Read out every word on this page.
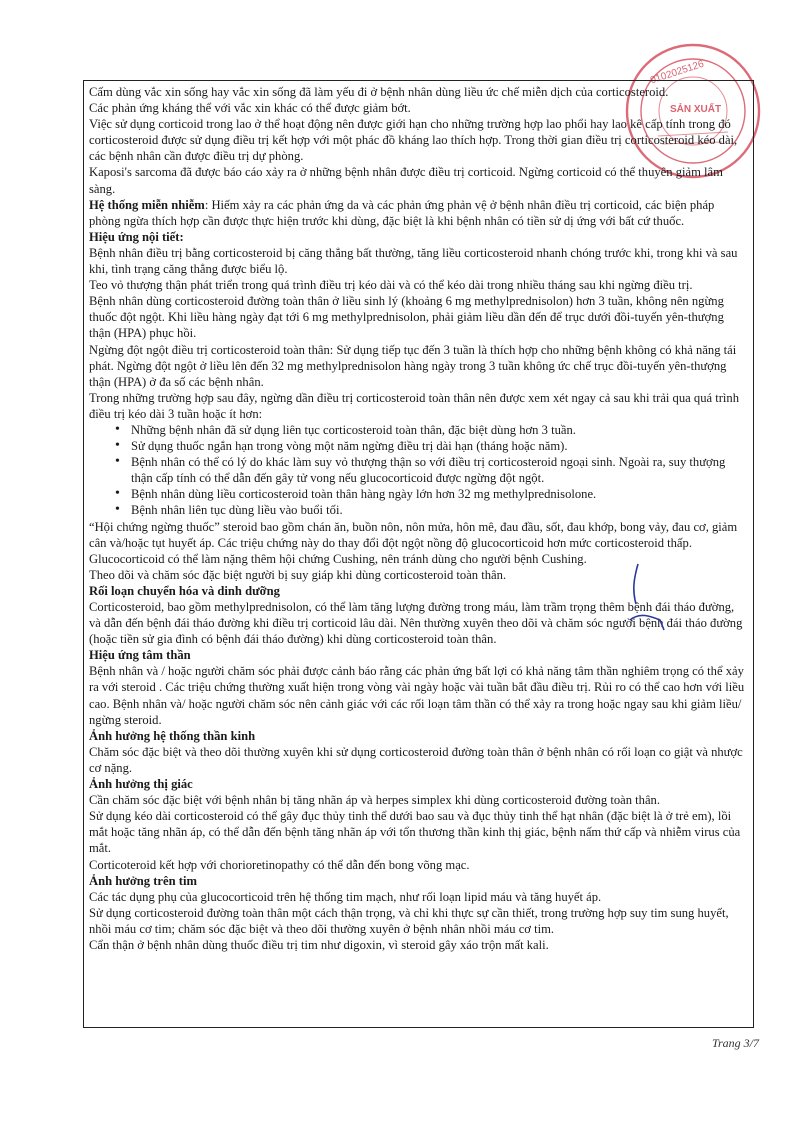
0102025126
SẢN XUẤT

Cấm dùng vắc xin sống hay vắc xin sống đã làm yếu đi ở bệnh nhân dùng liều ức chế miễn dịch của corticosteroid.

Các phản ứng kháng thể với vắc xin khác có thể được giảm bớt.

Việc sử dụng corticoid trong lao ở thể hoạt động nên được giới hạn cho những trường hợp lao phổi hay lao kê cấp tính trong đó corticosteroid được sử dụng điều trị kết hợp với một phác đồ kháng lao thích hợp. Trong thời gian điều trị corticosteroid kéo dài, các bệnh nhân cần được điều trị dự phòng.

Kaposi's sarcoma đã được báo cáo xảy ra ở những bệnh nhân được điều trị corticoid. Ngừng corticoid có thể thuyên giảm lâm sàng.

Hệ thống miễn nhiễm: Hiếm xảy ra các phản ứng da và các phản ứng phản vệ ở bệnh nhân điều trị corticoid, các biện pháp phòng ngừa thích hợp cần được thực hiện trước khi dùng, đặc biệt là khi bệnh nhân có tiền sử dị ứng với bất cứ thuốc.

Hiệu ứng nội tiết:

Bệnh nhân điều trị bằng corticosteroid bị căng thẳng bất thường, tăng liều corticosteroid nhanh chóng trước khi, trong khi và sau khi, tình trạng căng thẳng được biểu lộ.

Teo vỏ thượng thận phát triển trong quá trình điều trị kéo dài và có thể kéo dài trong nhiều tháng sau khi ngừng điều trị.

Bệnh nhân dùng corticosteroid đường toàn thân ở liều sinh lý (khoảng 6 mg methylprednisolon) hơn 3 tuần, không nên ngừng thuốc đột ngột. Khi liều hàng ngày đạt tới 6 mg methylprednisolon, phải giảm liều dần đến để trục dưới đồi-tuyến yên-thượng thận (HPA) phục hồi.

Ngừng đột ngột điều trị corticosteroid toàn thân: Sử dụng tiếp tục đến 3 tuần là thích hợp cho những bệnh không có khả năng tái phát. Ngừng đột ngột ở liều lên đến 32 mg methylprednisolon hàng ngày trong 3 tuần không ức chế trục đồi-tuyến yên-thượng thận (HPA) ở đa số các bệnh nhân.

Trong những trường hợp sau đây, ngừng dần điều trị corticosteroid toàn thân nên được xem xét ngay cả sau khi trải qua quá trình điều trị kéo dài 3 tuần hoặc ít hơn:

• Những bệnh nhân đã sử dụng liên tục corticosteroid toàn thân, đặc biệt dùng hơn 3 tuần.
• Sử dụng thuốc ngắn hạn trong vòng một năm ngừng điều trị dài hạn (tháng hoặc năm).
• Bệnh nhân có thể có lý do khác làm suy vỏ thượng thận so với điều trị corticosteroid ngoại sinh. Ngoài ra, suy thượng thận cấp tính có thể dẫn đến gây tử vong nếu glucocorticoid được ngừng đột ngột.
• Bệnh nhân dùng liều corticosteroid toàn thân hàng ngày lớn hơn 32 mg methylprednisolone.
• Bệnh nhân liên tục dùng liều vào buổi tối.

“Hội chứng ngừng thuốc” steroid bao gồm chán ăn, buồn nôn, nôn mửa, hôn mê, đau đầu, sốt, đau khớp, bong vảy, đau cơ, giảm cân và/hoặc tụt huyết áp. Các triệu chứng này do thay đổi đột ngột nồng độ glucocorticoid hơn mức corticosteroid thấp.

Glucocorticoid có thể làm nặng thêm hội chứng Cushing, nên tránh dùng cho người bệnh Cushing.

Theo dõi và chăm sóc đặc biệt người bị suy giáp khi dùng corticosteroid toàn thân.

Rối loạn chuyển hóa và dinh dưỡng

Corticosteroid, bao gồm methylprednisolon, có thể làm tăng lượng đường trong máu, làm trầm trọng thêm bệnh đái tháo đường, và dẫn đến bệnh đái tháo đường khi điều trị corticoid lâu dài. Nên thường xuyên theo dõi và chăm sóc người bệnh đái tháo đường (hoặc tiền sử gia đình có bệnh đái tháo đường) khi dùng corticosteroid toàn thân.

Hiệu ứng tâm thần

Bệnh nhân và / hoặc người chăm sóc phải được cảnh báo rằng các phản ứng bất lợi có khả năng tâm thần nghiêm trọng có thể xảy ra với steroid . Các triệu chứng thường xuất hiện trong vòng vài ngày hoặc vài tuần bắt đầu điều trị. Rủi ro có thể cao hơn với liều cao. Bệnh nhân và/ hoặc người chăm sóc nên cảnh giác với các rối loạn tâm thần có thể xảy ra trong hoặc ngay sau khi giảm liều/ ngừng steroid.

Ảnh hưởng hệ thống thần kinh

Chăm sóc đặc biệt và theo dõi thường xuyên khi sử dụng corticosteroid đường toàn thân ở bệnh nhân có rối loạn co giật và nhược cơ nặng.

Ảnh hưởng thị giác

Cần chăm sóc đặc biệt với bệnh nhân bị tăng nhãn áp và herpes simplex khi dùng corticosteroid đường toàn thân.

Sử dụng kéo dài corticosteroid có thể gây đục thủy tinh thể dưới bao sau và đục thủy tinh thể hạt nhân (đặc biệt là ở trẻ em), lồi mắt hoặc tăng nhãn áp, có thể dẫn đến bệnh tăng nhãn áp với tổn thương thần kinh thị giác, bệnh nấm thứ cấp và nhiễm virus của mắt.

Corticoteroid kết hợp với chorioretinopathy có thể dẫn đến bong võng mạc.

Ảnh hưởng trên tim

Các tác dụng phụ của glucocorticoid trên hệ thống tim mạch, như rối loạn lipid máu và tăng huyết áp.

Sử dụng corticosteroid đường toàn thân một cách thận trọng, và chỉ khi thực sự cần thiết, trong trường hợp suy tim sung huyết, nhồi máu cơ tim; chăm sóc đặc biệt và theo dõi thường xuyên ở bệnh nhân nhồi máu cơ tim.

Cẩn thận ở bệnh nhân dùng thuốc điều trị tim như digoxin, vì steroid gây xáo trộn mất kali.

Trang 3/7
